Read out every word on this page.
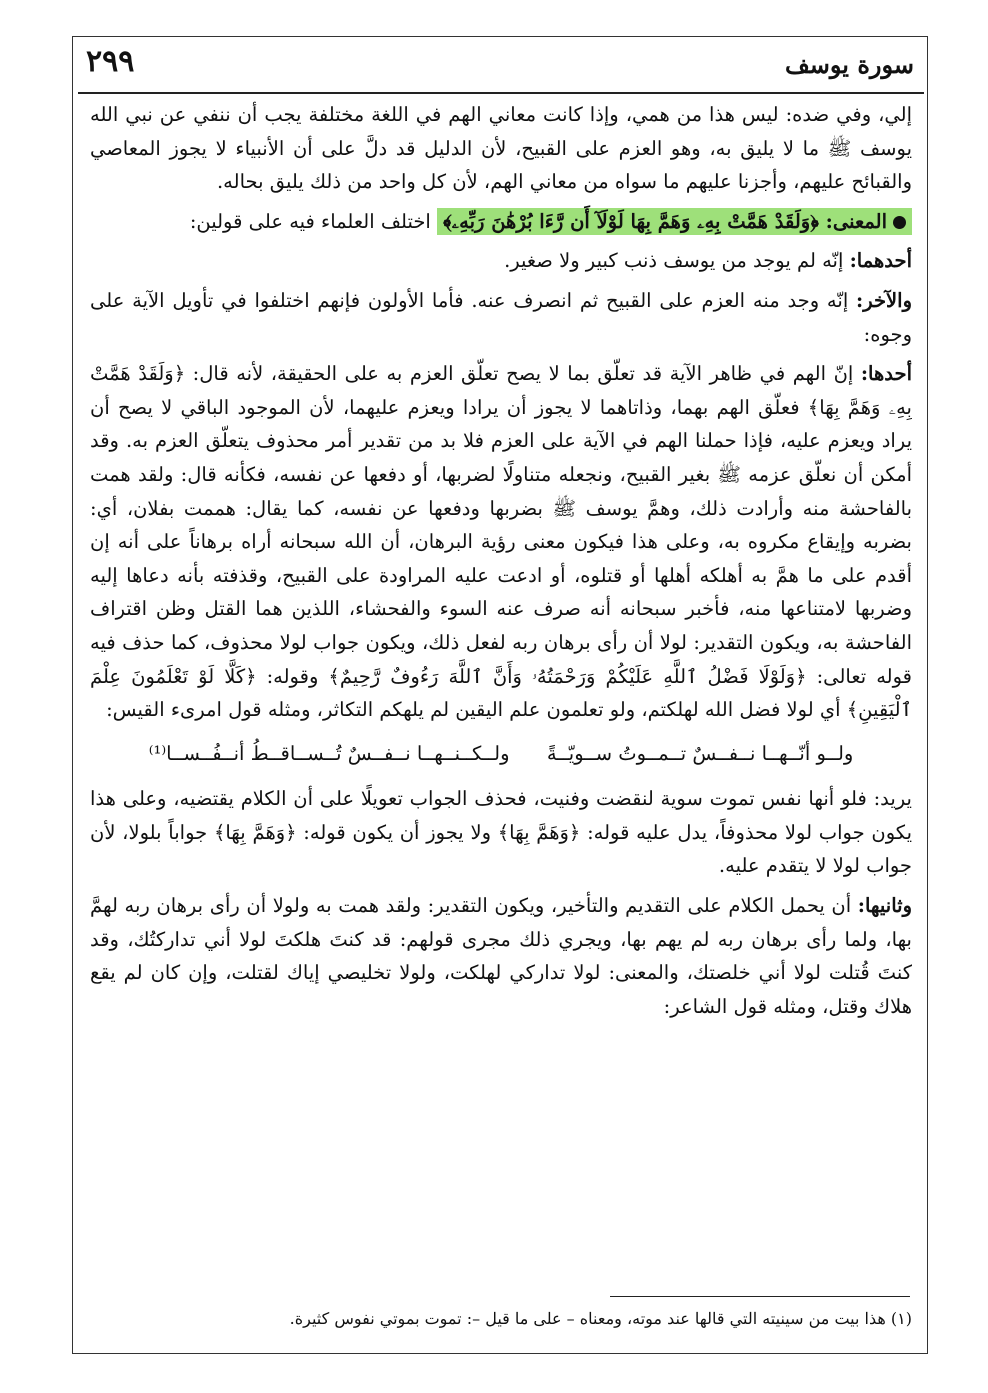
٢٩٩	سورة يوسف

إلي، وفي ضده: ليس هذا من همي، وإذا كانت معاني الهم في اللغة مختلفة يجب أن ننفي عن نبي الله يوسف ﷺ ما لا يليق به، وهو العزم على القبيح، لأن الدليل قد دلَّ على أن الأنبياء لا يجوز المعاصي والقبائح عليهم، وأجزنا عليهم ما سواه من معاني الهم، لأن كل واحد من ذلك يليق بحاله.

المعنى: ﴿وَلَقَدْ هَمَّتْ بِهِۦ وَهَمَّ بِهَا لَوْلَآ أَن رَّءَا بُرْهَٰنَ رَبِّهِۦ﴾ اختلف العلماء فيه على قولين:

أحدهما: إنّه لم يوجد من يوسف ذنب كبير ولا صغير.

والآخر: إنّه وجد منه العزم على القبيح ثم انصرف عنه. فأما الأولون فإنهم اختلفوا في تأويل الآية على وجوه:

أحدها: إنّ الهم في ظاهر الآية قد تعلّق بما لا يصح تعلّق العزم به على الحقيقة، لأنه قال: ﴿وَلَقَدْ هَمَّتْ بِهِۦ وَهَمَّ بِهَا﴾ فعلّق الهم بهما، وذاتاهما لا يجوز أن يرادا ويعزم عليهما، لأن الموجود الباقي لا يصح أن يراد ويعزم عليه، فإذا حملنا الهم في الآية على العزم فلا بد من تقدير أمر محذوف يتعلّق العزم به. وقد أمكن أن نعلّق عزمه ﷺ بغير القبيح، ونجعله متناولًا لضربها، أو دفعها عن نفسه، فكأنه قال: ولقد همت بالفاحشة منه وأرادت ذلك، وهمَّ يوسف ﷺ بضربها ودفعها عن نفسه، كما يقال: هممت بفلان، أي: بضربه وإيقاع مكروه به، وعلى هذا فيكون معنى رؤية البرهان، أن الله سبحانه أراه برهاناً على أنه إن أقدم على ما همَّ به أهلكه أهلها أو قتلوه، أو ادعت عليه المراودة على القبيح، وقذفته بأنه دعاها إليه وضربها لامتناعها منه، فأخبر سبحانه أنه صرف عنه السوء والفحشاء، اللذين هما القتل وظن اقتراف الفاحشة به، ويكون التقدير: لولا أن رأى برهان ربه لفعل ذلك، ويكون جواب لولا محذوف، كما حذف فيه قوله تعالى: ﴿وَلَوْلَا فَضْلُ ٱللَّهِ عَلَيْكُمْ وَرَحْمَتُهُۥ وَأَنَّ ٱللَّهَ رَءُوفٌ رَّحِيمٌ﴾ وقوله: ﴿كَلَّا لَوْ تَعْلَمُونَ عِلْمَ ٱلْيَقِينِ﴾ أي لولا فضل الله لهلكتم، ولو تعلمون علم اليقين لم يلهكم التكاثر، ومثله قول امرىء القيس:

ولــو أنّــهــا نــفــسٌ تــمــوتُ ســويّــةً
ولــكــنــهــا نــفــسٌ تُــســاقــطُ أنــفُــســا⁽¹⁾

يريد: فلو أنها نفس تموت سوية لنقضت وفنيت، فحذف الجواب تعويلًا على أن الكلام يقتضيه، وعلى هذا يكون جواب لولا محذوفاً، يدل عليه قوله: ﴿وَهَمَّ بِهَا﴾ ولا يجوز أن يكون قوله: ﴿وَهَمَّ بِهَا﴾ جواباً بلولا، لأن جواب لولا لا يتقدم عليه.

وثانيها: أن يحمل الكلام على التقديم والتأخير، ويكون التقدير: ولقد همت به ولولا أن رأى برهان ربه لهمَّ بها، ولما رأى برهان ربه لم يهم بها، ويجري ذلك مجرى قولهم: قد كنتَ هلكتَ لولا أني تداركتُك، وقد كنتَ قُتلت لولا أني خلصتك، والمعنى: لولا تداركي لهلكت، ولولا تخليصي إياك لقتلت، وإن كان لم يقع هلاك وقتل، ومثله قول الشاعر:

(١) هذا بيت من سينيته التي قالها عند موته، ومعناه – على ما قيل –: تموت بموتي نفوس كثيرة.
